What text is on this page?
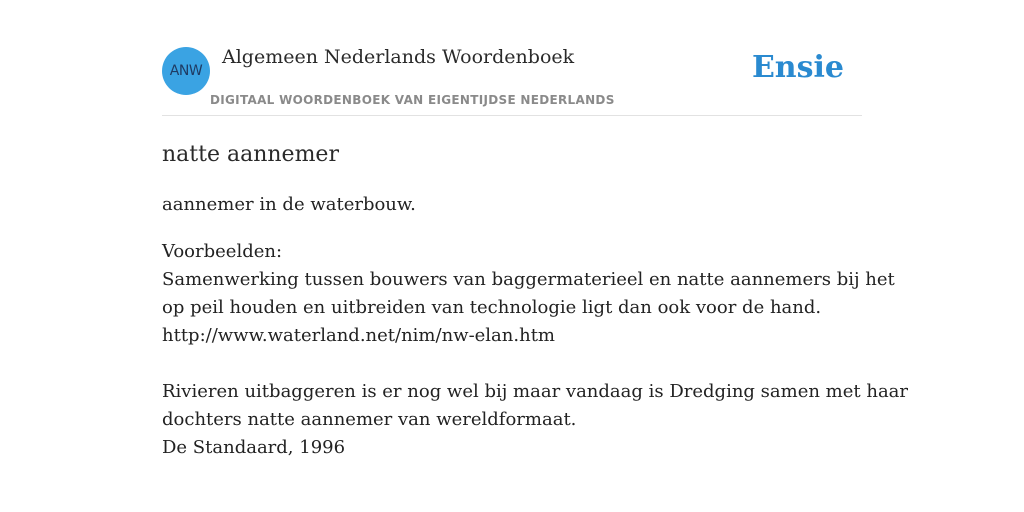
ANW
Algemeen Nederlands Woordenboek
DIGITAAL WOORDENBOEK VAN EIGENTIJDSE NEDERLANDS
Ensie
natte aannemer

aannemer in de waterbouw.

Voorbeelden:
Samenwerking tussen bouwers van baggermaterieel en natte aannemers bij het
op peil houden en uitbreiden van technologie ligt dan ook voor de hand.
http://www.waterland.net/nim/nw-elan.htm
Rivieren uitbaggeren is er nog wel bij maar vandaag is Dredging samen met haar
dochters natte aannemer van wereldformaat.
De Standaard, 1996
